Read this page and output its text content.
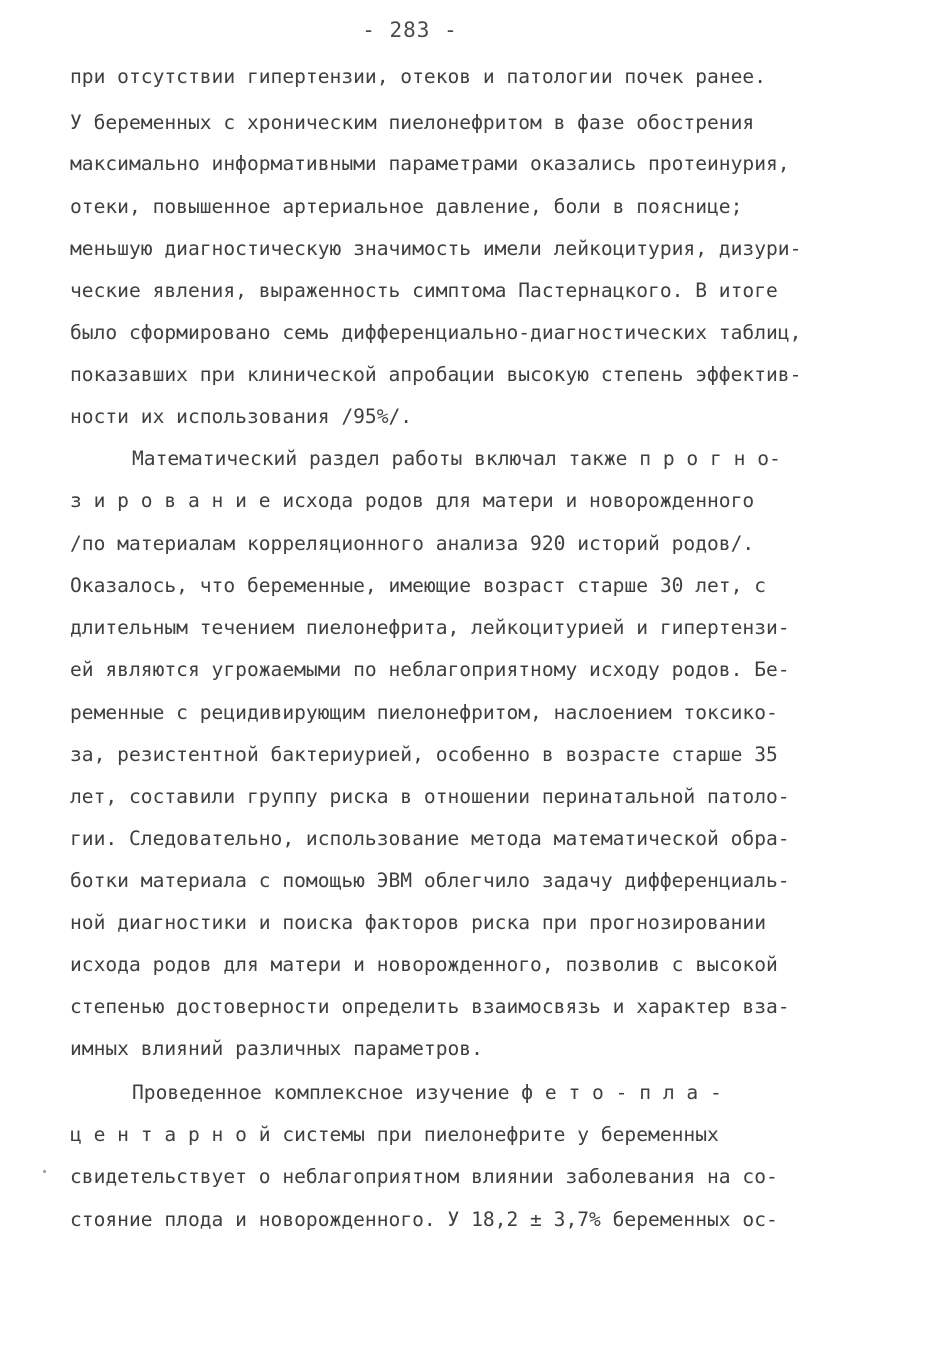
- 283 -
при отсутствии гипертензии, отеков и патологии почек ранее.
У беременных с хроническим пиелонефритом в фазе обострения
максимально информативными параметрами оказались протеинурия,
отеки, повышенное артериальное давление, боли в пояснице;
меньшую диагностическую значимость имели лейкоцитурия, дизури-
ческие явления, выраженность симптома Пастернацкого. В итоге
было сформировано семь дифференциально-диагностических таблиц,
показавших при клинической апробации высокую степень эффектив-
ности их использования /95%/.
Математический раздел работы включал также п р о г н о-
з и р о в а н и е исхода родов для матери и новорожденного
/по материалам корреляционного анализа 920 историй родов/.
Оказалось, что беременные, имеющие возраст старше 30 лет, с
длительным течением пиелонефрита, лейкоцитурией и гипертензи-
ей являются угрожаемыми по неблагоприятному исходу родов. Бе-
ременные с рецидивирующим пиелонефритом, наслоением токсико-
за, резистентной бактериурией, особенно в возрасте старше 35
лет, составили группу риска в отношении перинатальной патоло-
гии. Следовательно, использование метода математической обра-
ботки материала с помощью ЭВМ облегчило задачу дифференциаль-
ной диагностики и поиска факторов риска при прогнозировании
исхода родов для матери и новорожденного, позволив с высокой
степенью достоверности определить взаимосвязь и характер вза-
имных влияний различных параметров.
Проведенное комплексное изучение ф е т о - п л а -
ц е н т а р н о й системы при пиелонефрите у беременных
свидетельствует о неблагоприятном влиянии заболевания на со-
стояние плода и новорожденного. У 18,2 ± 3,7% беременных ос-
